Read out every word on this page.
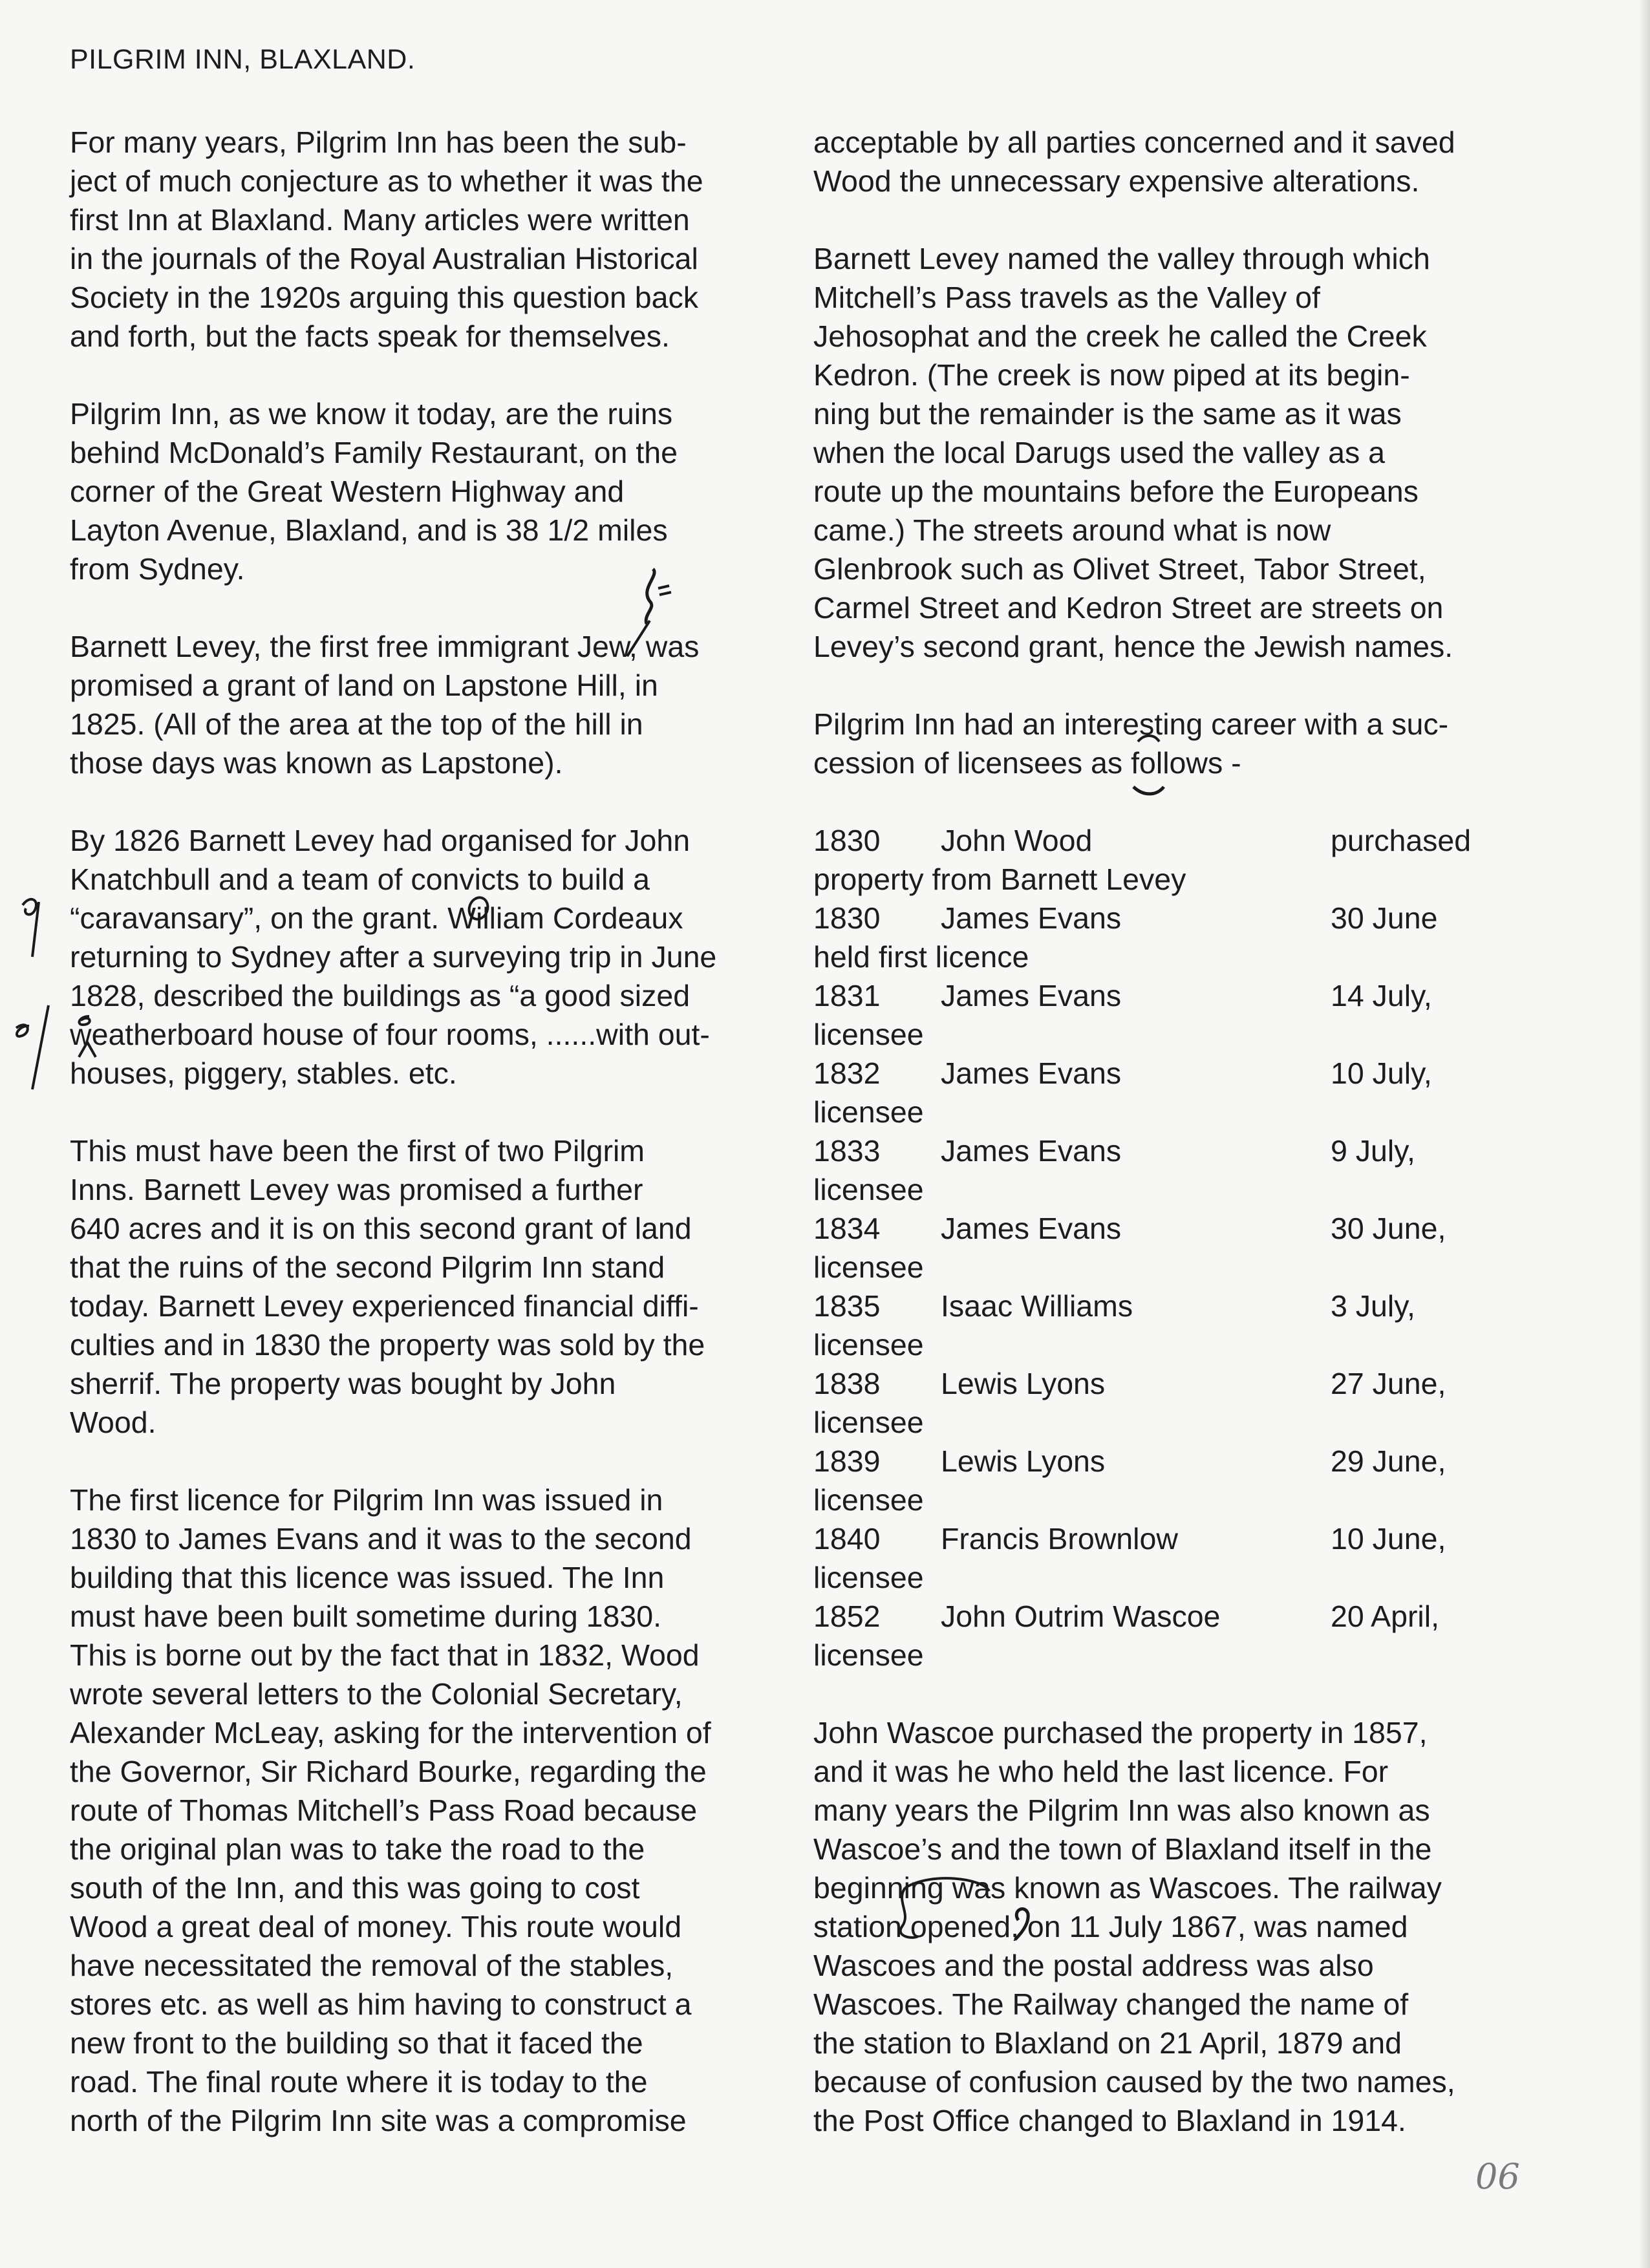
PILGRIM INN, BLAXLAND.
For many years, Pilgrim Inn has been the sub-
ject of much conjecture as to whether it was the
first Inn at Blaxland. Many articles were written
in the journals of the Royal Australian Historical
Society in the 1920s arguing this question back
and forth, but the facts speak for themselves.
Pilgrim Inn, as we know it today, are the ruins
behind McDonald’s Family Restaurant, on the
corner of the Great Western Highway and
Layton Avenue, Blaxland, and is 38 1/2 miles
from Sydney.
Barnett Levey, the first free immigrant Jew, was
promised a grant of land on Lapstone Hill, in
1825. (All of the area at the top of the hill in
those days was known as Lapstone).
By 1826 Barnett Levey had organised for John
Knatchbull and a team of convicts to build a
“caravansary”, on the grant. William Cordeaux
returning to Sydney after a surveying trip in June
1828, described the buildings as “a good sized
weatherboard house of four rooms, ......with out-
houses, piggery, stables. etc.
This must have been the first of two Pilgrim
Inns. Barnett Levey was promised a further
640 acres and it is on this second grant of land
that the ruins of the second Pilgrim Inn stand
today. Barnett Levey experienced financial diffi-
culties and in 1830 the property was sold by the
sherrif. The property was bought by John
Wood.
The first licence for Pilgrim Inn was issued in
1830 to James Evans and it was to the second
building that this licence was issued. The Inn
must have been built sometime during 1830.
This is borne out by the fact that in 1832, Wood
wrote several letters to the Colonial Secretary,
Alexander McLeay, asking for the intervention of
the Governor, Sir Richard Bourke, regarding the
route of Thomas Mitchell’s Pass Road because
the original plan was to take the road to the
south of the Inn, and this was going to cost
Wood a great deal of money. This route would
have necessitated the removal of the stables,
stores etc. as well as him having to construct a
new front to the building so that it faced the
road. The final route where it is today to the
north of the Pilgrim Inn site was a compromise
acceptable by all parties concerned and it saved
Wood the unnecessary expensive alterations.
Barnett Levey named the valley through which
Mitchell’s Pass travels as the Valley of
Jehosophat and the creek he called the Creek
Kedron. (The creek is now piped at its begin-
ning but the remainder is the same as it was
when the local Darugs used the valley as a
route up the mountains before the Europeans
came.) The streets around what is now
Glenbrook such as Olivet Street, Tabor Street,
Carmel Street and Kedron Street are streets on
Levey’s second grant, hence the Jewish names.
Pilgrim Inn had an interesting career with a suc-
cession of licensees as follows -
1830 John Wood	purchased
property from Barnett Levey
1830 James Evans	30 June
held first licence
1831 James Evans	14 July,
licensee
1832 James Evans	10 July,
licensee
1833 James Evans	9 July,
licensee
1834 James Evans	30 June,
licensee
1835 Isaac Williams	3 July,
licensee
1838 Lewis Lyons	27 June,
licensee
1839 Lewis Lyons	29 June,
licensee
1840 Francis Brownlow	10 June,
licensee
1852 John Outrim Wascoe	20 April,
licensee
John Wascoe purchased the property in 1857,
and it was he who held the last licence. For
many years the Pilgrim Inn was also known as
Wascoe’s and the town of Blaxland itself in the
beginning was known as Wascoes. The railway
station opened, on 11 July 1867, was named
Wascoes and the postal address was also
Wascoes. The Railway changed the name of
the station to Blaxland on 21 April, 1879 and
because of confusion caused by the two names,
the Post Office changed to Blaxland in 1914.
06
